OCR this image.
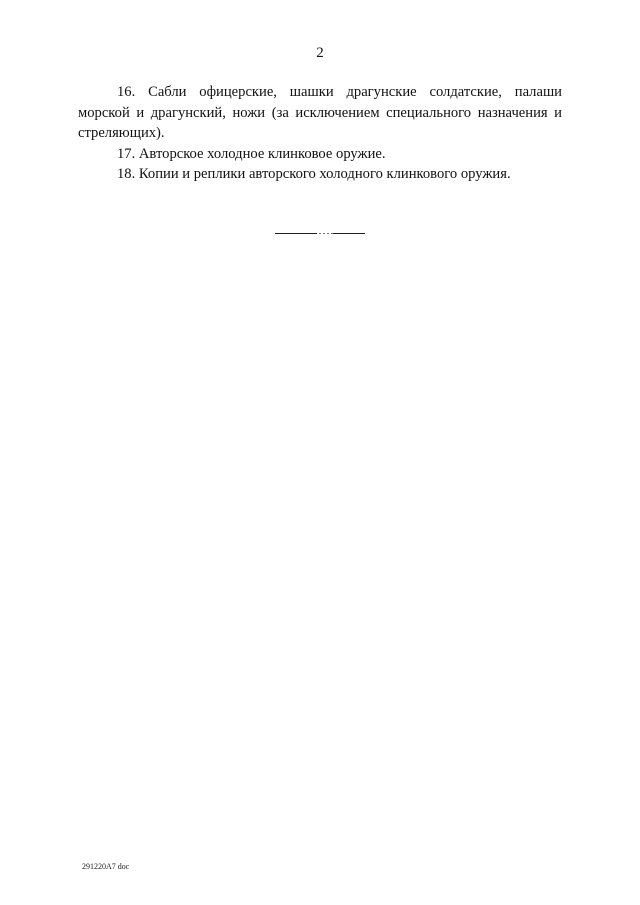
2

16. Сабли офицерские, шашки драгунские солдатские, палаши морской и драгунский, ножи (за исключением специального назначения и стреляющих).

17. Авторское холодное клинковое оружие.

18. Копии и реплики авторского холодного клинкового оружия.

291220А7 doc
